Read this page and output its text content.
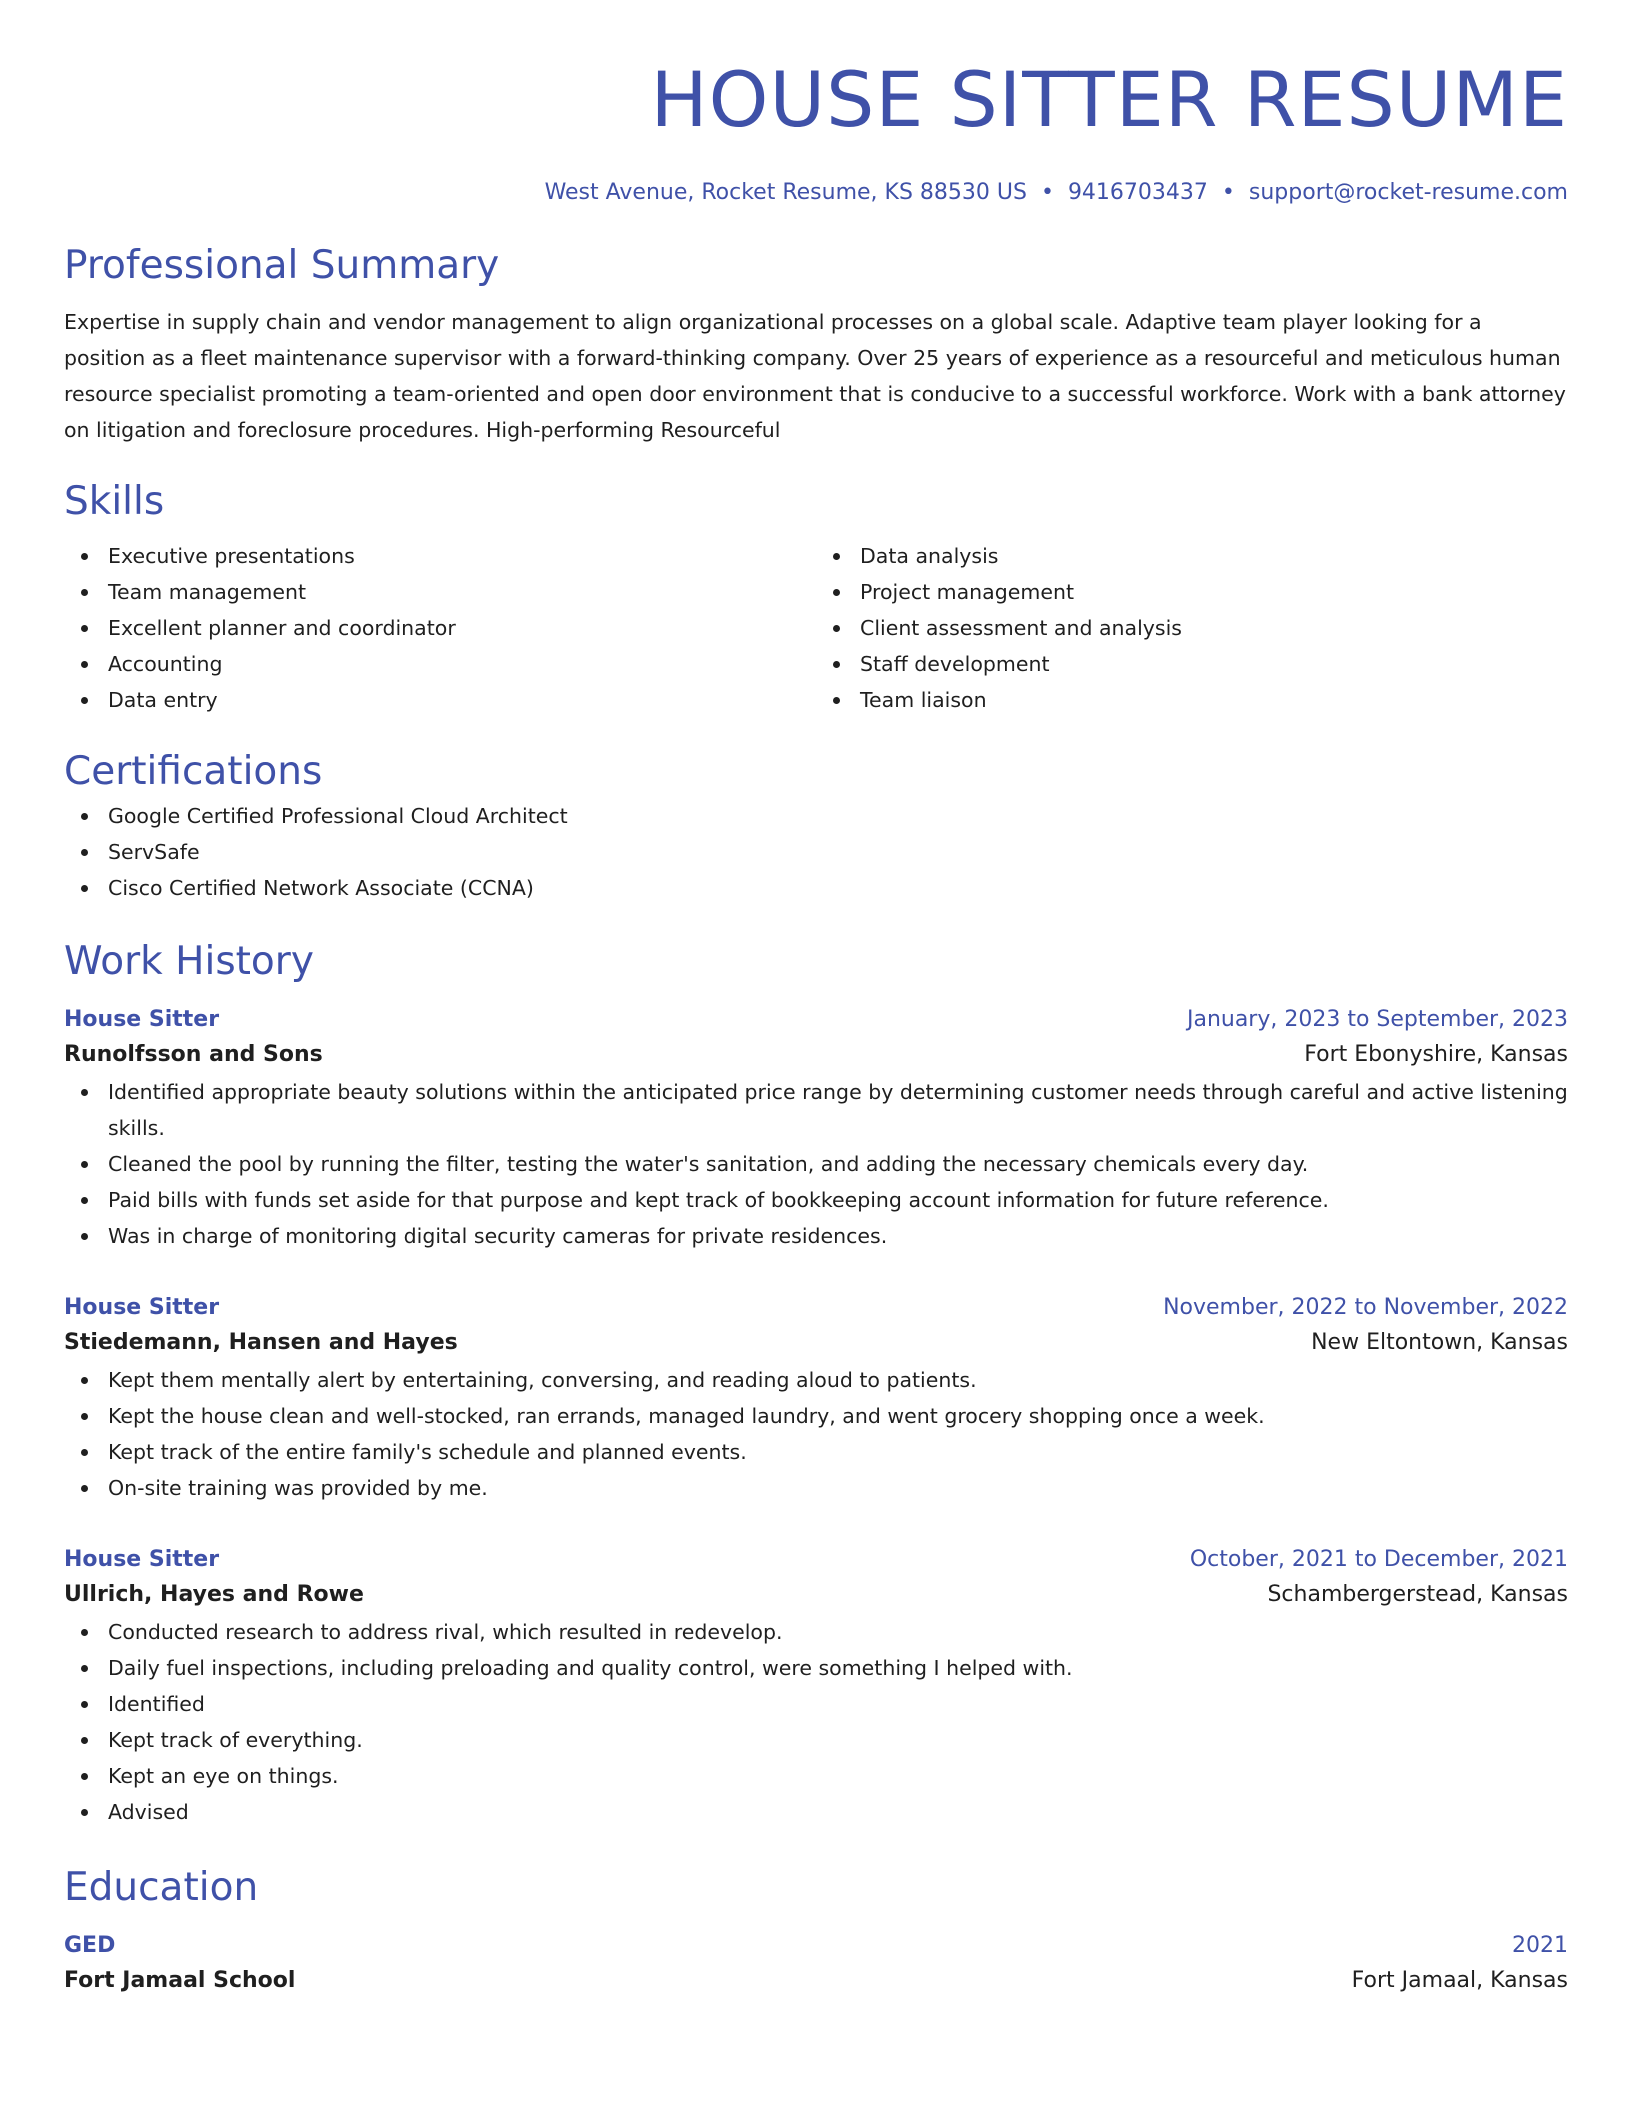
HOUSE SITTER RESUME
West Avenue, Rocket Resume, KS 88530 US • 9416703437 • support@rocket-resume.com
Professional Summary

Expertise in supply chain and vendor management to align organizational processes on a global scale. Adaptive team player looking for a position as a fleet maintenance supervisor with a forward-thinking company. Over 25 years of experience as a resourceful and meticulous human resource specialist promoting a team-oriented and open door environment that is conducive to a successful workforce. Work with a bank attorney on litigation and foreclosure procedures. High-performing Resourceful

Skills
Executive presentations
Team management
Excellent planner and coordinator
Accounting
Data entry
Data analysis
Project management
Client assessment and analysis
Staff development
Team liaison
Certifications
Google Certified Professional Cloud Architect
ServSafe
Cisco Certified Network Associate (CCNA)
Work History
House Sitter	January, 2023 to September, 2023
Runolfsson and Sons	Fort Ebonyshire, Kansas
Identified appropriate beauty solutions within the anticipated price range by determining customer needs through careful and active listening skills.
Cleaned the pool by running the filter, testing the water's sanitation, and adding the necessary chemicals every day.
Paid bills with funds set aside for that purpose and kept track of bookkeeping account information for future reference.
Was in charge of monitoring digital security cameras for private residences.
House Sitter	November, 2022 to November, 2022
Stiedemann, Hansen and Hayes	New Eltontown, Kansas
Kept them mentally alert by entertaining, conversing, and reading aloud to patients.
Kept the house clean and well-stocked, ran errands, managed laundry, and went grocery shopping once a week.
Kept track of the entire family's schedule and planned events.
On-site training was provided by me.
House Sitter	October, 2021 to December, 2021
Ullrich, Hayes and Rowe	Schambergerstead, Kansas
Conducted research to address rival, which resulted in redevelop.
Daily fuel inspections, including preloading and quality control, were something I helped with.
Identified
Kept track of everything.
Kept an eye on things.
Advised
Education
GED	2021
Fort Jamaal School	Fort Jamaal, Kansas
